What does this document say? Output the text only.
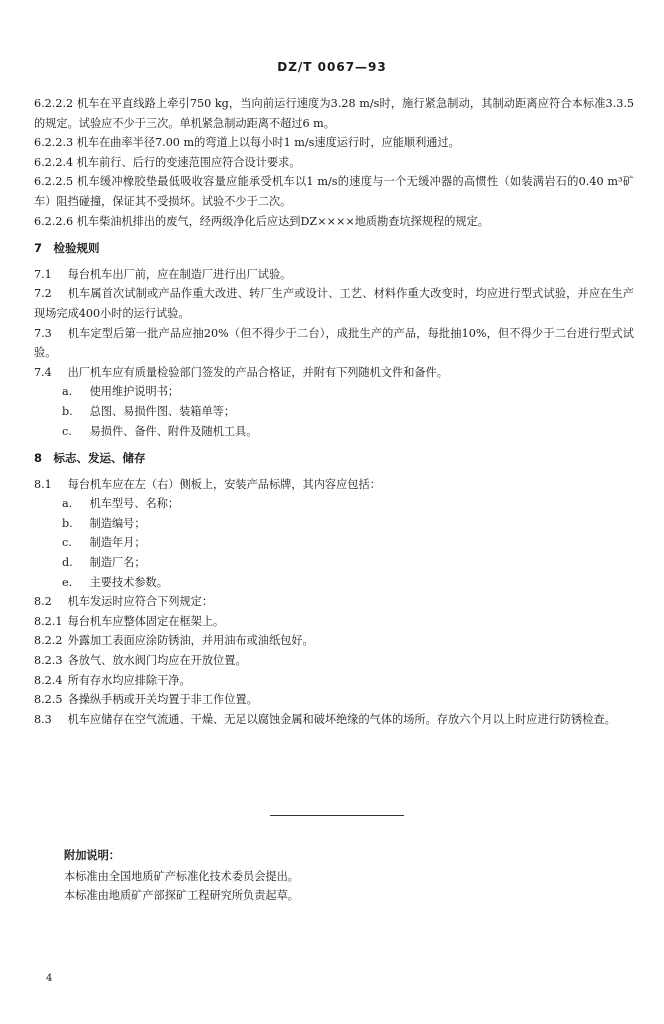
DZ/T 0067—93

6.2.2.2 机车在平直线路上牵引750 kg，当向前运行速度为3.28 m/s时，施行紧急制动，其制动距离应符合本标准3.3.5的规定。试验应不少于三次。单机紧急制动距离不超过6 m。

6.2.2.3 机车在曲率半径7.00 m的弯道上以每小时1 m/s速度运行时，应能顺利通过。

6.2.2.4 机车前行、后行的变速范围应符合设计要求。

6.2.2.5 机车缓冲橡胶垫最低吸收容量应能承受机车以1 m/s的速度与一个无缓冲器的高惯性（如装满岩石的0.40 m³矿车）阻挡碰撞，保证其不受损坏。试验不少于二次。

6.2.2.6 机车柴油机排出的废气，经两级净化后应达到DZ××××地质勘查坑探规程的规定。

7　检验规则

7.1 每台机车出厂前，应在制造厂进行出厂试验。

7.2 机车属首次试制或产品作重大改进、转厂生产或设计、工艺、材料作重大改变时，均应进行型式试验，并应在生产现场完成400小时的运行试验。

7.3 机车定型后第一批产品应抽20%（但不得少于二台），成批生产的产品，每批抽10%，但不得少于二台进行型式试验。

7.4 出厂机车应有质量检验部门签发的产品合格证，并附有下列随机文件和备件。

a. 使用维护说明书；

b. 总图、易损件图、装箱单等；

c. 易损件、备件、附件及随机工具。

8　标志、发运、储存

8.1 每台机车应在左（右）侧板上，安装产品标牌，其内容应包括：

a. 机车型号、名称；

b. 制造编号；

c. 制造年月；

d. 制造厂名；

e. 主要技术参数。

8.2 机车发运时应符合下列规定：

8.2.1 每台机车应整体固定在框架上。

8.2.2 外露加工表面应涂防锈油，并用油布或油纸包好。

8.2.3 各放气、放水阀门均应在开放位置。

8.2.4 所有存水均应排除干净。

8.2.5 各操纵手柄或开关均置于非工作位置。

8.3 机车应储存在空气流通、干燥、无足以腐蚀金属和破坏绝缘的气体的场所。存放六个月以上时应进行防锈检查。

附加说明：

本标准由全国地质矿产标准化技术委员会提出。

本标准由地质矿产部探矿工程研究所负责起草。

4
